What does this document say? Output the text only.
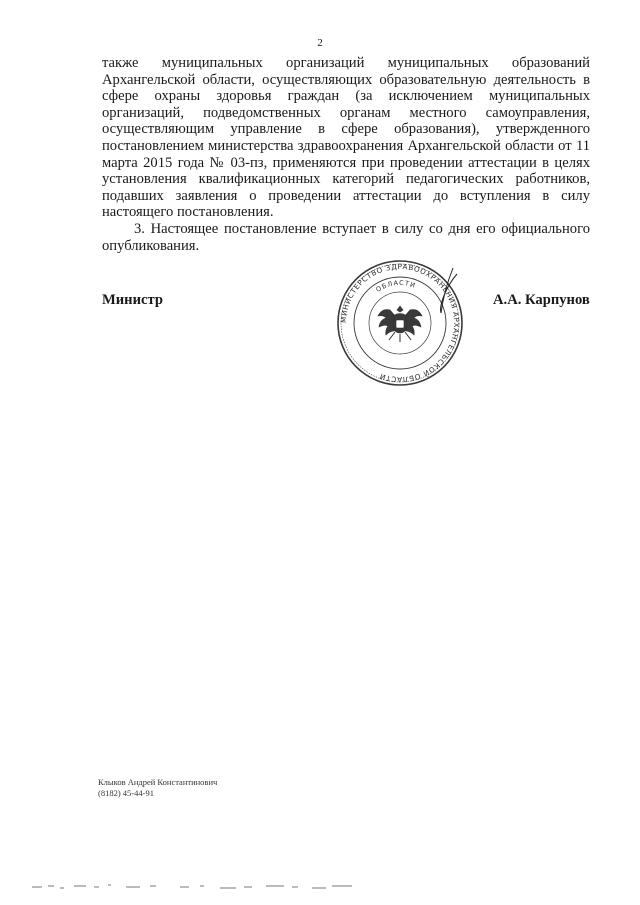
2

также муниципальных организаций муниципальных образований Архангельской области, осуществляющих образовательную деятельность в сфере охраны здоровья граждан (за исключением муниципальных организаций, подведомственных органам местного самоуправления, осуществляющим управление в сфере образования), утвержденного постановлением министерства здравоохранения Архангельской области от 11 марта 2015 года № 03-пз, применяются при проведении аттестации в целях установления квалификационных категорий педагогических работников, подавших заявления о проведении аттестации до вступления в силу настоящего постановления.

3. Настоящее постановление вступает в силу со дня его официального опубликования.

Министр	А.А. Карпунов
МИНИСТЕРСТВО ЗДРАВООХРАНЕНИЯ АРХАНГЕЛЬСКОЙ ОБЛАСТИ
ОБЛАСТИ
Клыков Андрей Константинович
(8182) 45-44-91
